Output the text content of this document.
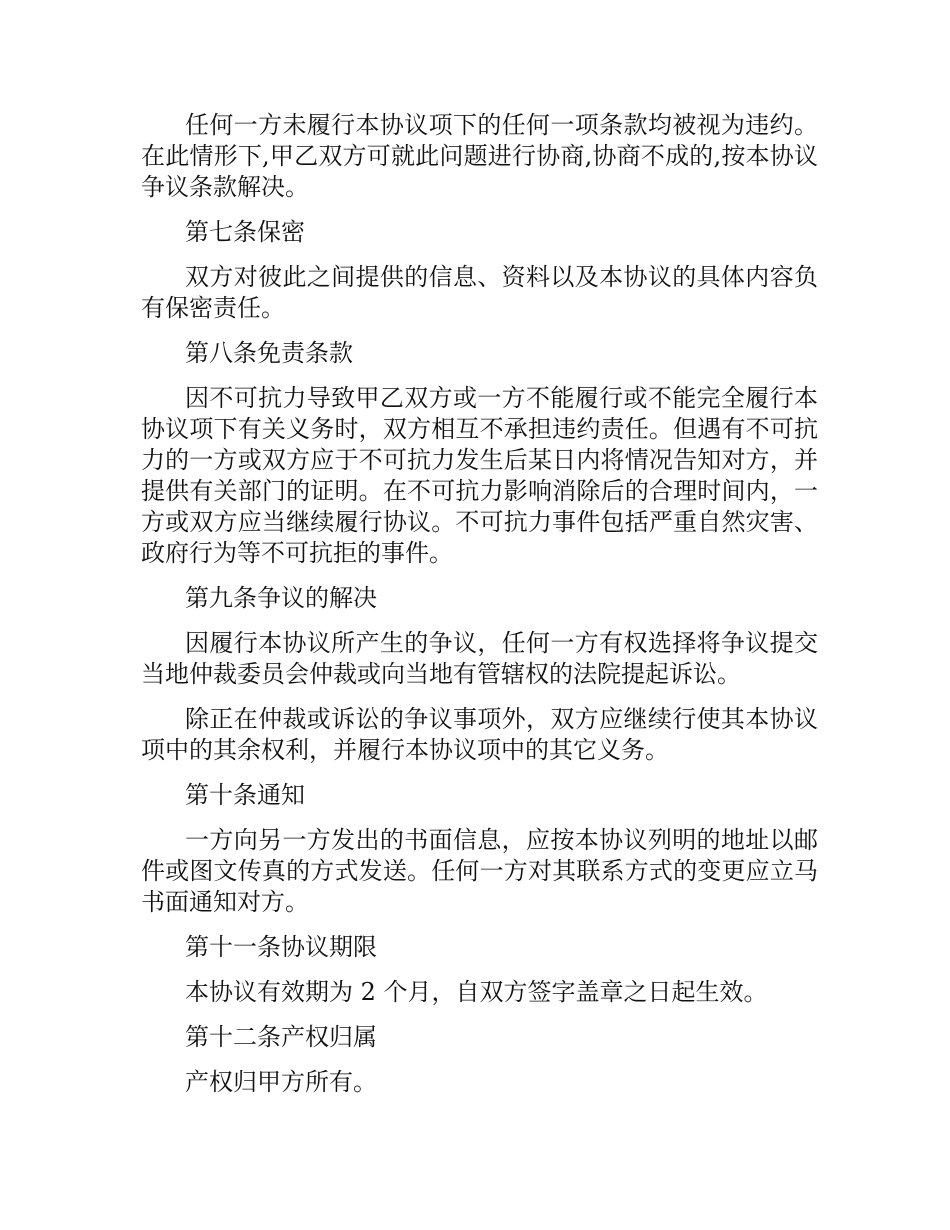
任何一方未履行本协议项下的任何一项条款均被视为违约。在此情形下,甲乙双方可就此问题进行协商,协商不成的,按本协议争议条款解决。

第七条保密

双方对彼此之间提供的信息、资料以及本协议的具体内容负有保密责任。

第八条免责条款

因不可抗力导致甲乙双方或一方不能履行或不能完全履行本协议项下有关义务时，双方相互不承担违约责任。但遇有不可抗力的一方或双方应于不可抗力发生后某日内将情况告知对方，并提供有关部门的证明。在不可抗力影响消除后的合理时间内，一方或双方应当继续履行协议。不可抗力事件包括严重自然灾害、政府行为等不可抗拒的事件。

第九条争议的解决

因履行本协议所产生的争议，任何一方有权选择将争议提交当地仲裁委员会仲裁或向当地有管辖权的法院提起诉讼。

除正在仲裁或诉讼的争议事项外，双方应继续行使其本协议项中的其余权利，并履行本协议项中的其它义务。

第十条通知

一方向另一方发出的书面信息，应按本协议列明的地址以邮件或图文传真的方式发送。任何一方对其联系方式的变更应立马书面通知对方。

第十一条协议期限

本协议有效期为 2 个月，自双方签字盖章之日起生效。

第十二条产权归属

产权归甲方所有。
